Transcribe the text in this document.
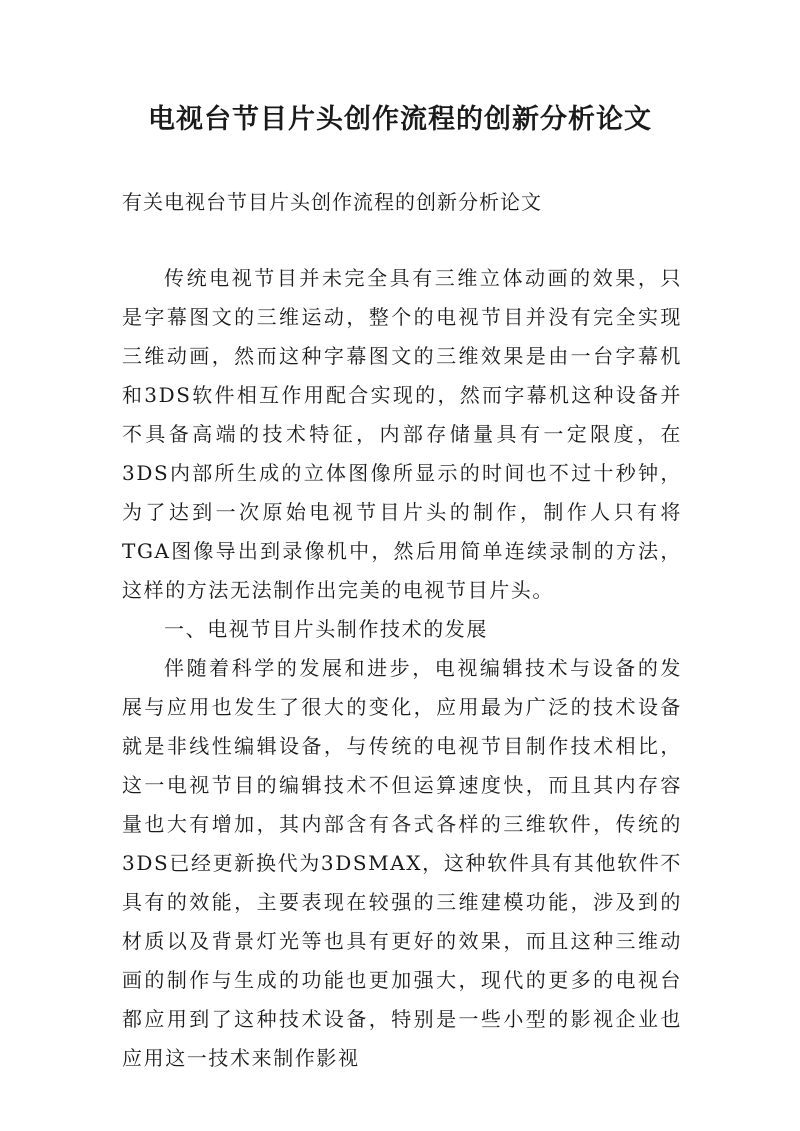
电视台节目片头创作流程的创新分析论文

有关电视台节目片头创作流程的创新分析论文

传统电视节目并未完全具有三维立体动画的效果，只是字幕图文的三维运动，整个的电视节目并没有完全实现三维动画，然而这种字幕图文的三维效果是由一台字幕机和3DS软件相互作用配合实现的，然而字幕机这种设备并不具备高端的技术特征，内部存储量具有一定限度，在3DS内部所生成的立体图像所显示的时间也不过十秒钟，为了达到一次原始电视节目片头的制作，制作人只有将TGA图像导出到录像机中，然后用简单连续录制的方法，这样的方法无法制作出完美的电视节目片头。

一、电视节目片头制作技术的发展

伴随着科学的发展和进步，电视编辑技术与设备的发展与应用也发生了很大的变化，应用最为广泛的技术设备就是非线性编辑设备，与传统的电视节目制作技术相比，这一电视节目的编辑技术不但运算速度快，而且其内存容量也大有增加，其内部含有各式各样的三维软件，传统的3DS已经更新换代为3DSMAX，这种软件具有其他软件不具有的效能，主要表现在较强的三维建模功能，涉及到的材质以及背景灯光等也具有更好的效果，而且这种三维动画的制作与生成的功能也更加强大，现代的更多的电视台都应用到了这种技术设备，特别是一些小型的影视企业也应用这一技术来制作影视
